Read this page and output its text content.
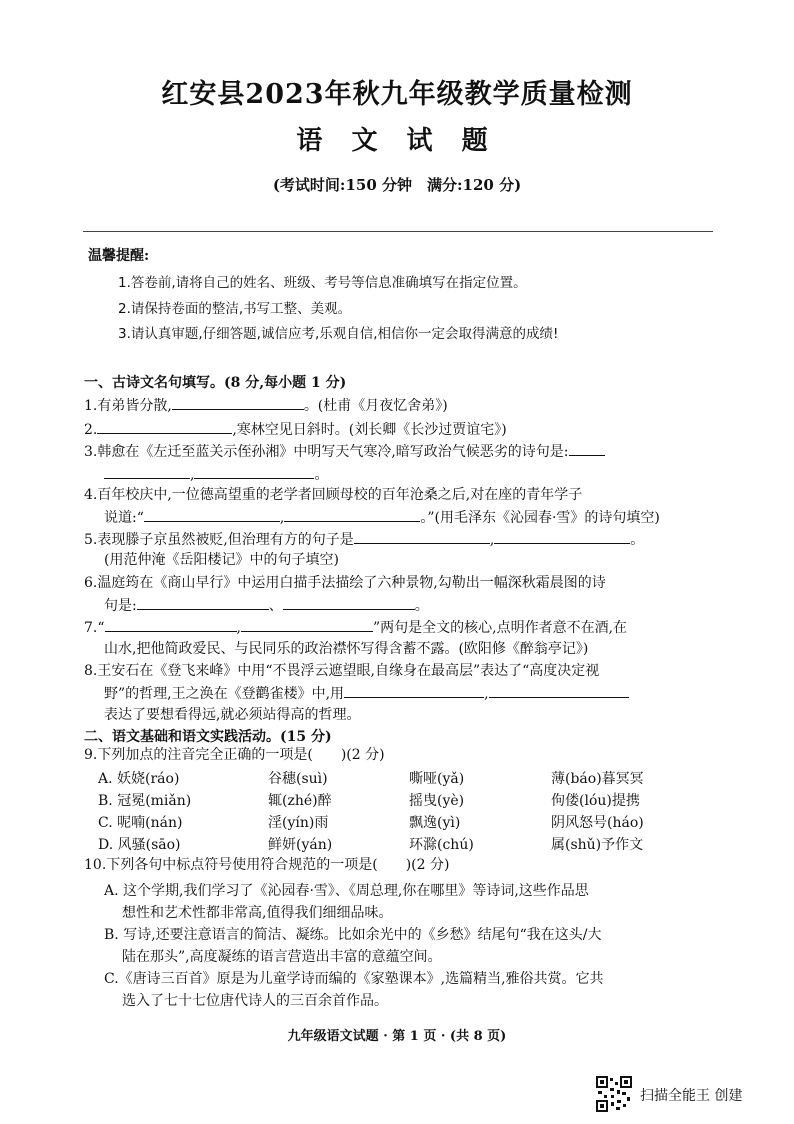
红安县2023年秋九年级教学质量检测
语 文 试 题
(考试时间:150 分钟　满分:120 分)
温馨提醒:
1.答卷前,请将自己的姓名、班级、考号等信息准确填写在指定位置。
2.请保持卷面的整洁,书写工整、美观。
3.请认真审题,仔细答题,诚信应考,乐观自信,相信你一定会取得满意的成绩!
一、古诗文名句填写。(8 分,每小题 1 分)
1.有弟皆分散,	。(杜甫《月夜忆舍弟》)
2.	,寒林空见日斜时。(刘长卿《长沙过贾谊宅》)
3.韩愈在《左迁至蓝关示侄孙湘》中明写天气寒冷,暗写政治气候恶劣的诗句是:
,	。
4.百年校庆中,一位德高望重的老学者回顾母校的百年沧桑之后,对在座的青年学子
说道:“	,	。”(用毛泽东《沁园春·雪》的诗句填空)
5.表现滕子京虽然被贬,但治理有方的句子是	,	。
(用范仲淹《岳阳楼记》中的句子填空)
6.温庭筠在《商山早行》中运用白描手法描绘了六种景物,勾勒出一幅深秋霜晨图的诗
句是:	、	。
7.“	,	”两句是全文的核心,点明作者意不在酒,在
山水,把他简政爱民、与民同乐的政治襟怀写得含蓄不露。(欧阳修《醉翁亭记》)
8.王安石在《登飞来峰》中用“不畏浮云遮望眼,自缘身在最高层”表达了“高度决定视
野”的哲理,王之涣在《登鹳雀楼》中,用	,
表达了要想看得远,就必须站得高的哲理。
二、语文基础和语文实践活动。(15 分)
9.下列加点的注音完全正确的一项是(　　)(2 分)
A. 妖娆(ráo)	谷穗(suì)	嘶哑(yǎ)	薄(báo)暮冥冥
B. 冠冕(miǎn)	辄(zhé)醉	摇曳(yè)	佝偻(lóu)提携
C. 呢喃(nán)	淫(yín)雨	飘逸(yì)	阴风怒号(háo)
D. 风骚(sāo)	鲜妍(yán)	环滁(chú)	属(shǔ)予作文
10.下列各句中标点符号使用符合规范的一项是(　　)(2 分)
A. 这个学期,我们学习了《沁园春·雪》、《周总理,你在哪里》等诗词,这些作品思
想性和艺术性都非常高,值得我们细细品味。
B. 写诗,还要注意语言的简洁、凝练。比如余光中的《乡愁》结尾句“我在这头/大
陆在那头”,高度凝练的语言营造出丰富的意蕴空间。
C.《唐诗三百首》原是为儿童学诗而编的《家塾课本》,选篇精当,雅俗共赏。它共
选入了七十七位唐代诗人的三百余首作品。
九年级语文试题 · 第 1 页 · (共 8 页)
扫描全能王 创建
